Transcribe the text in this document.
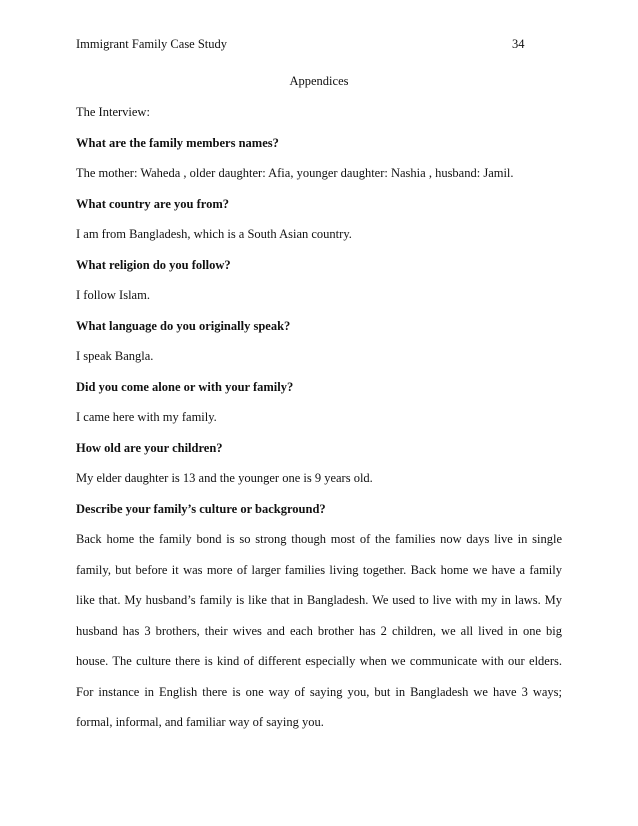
Immigrant Family Case Study	34
Appendices

The Interview:

What are the family members names?

The mother: Waheda , older daughter: Afia, younger daughter: Nashia , husband: Jamil.

What country are you from?

I am from Bangladesh, which is a South Asian country.

What religion do you follow?

I follow Islam.

What language do you originally speak?

I speak Bangla.

Did you come alone or with your family?

I came here with my family.

How old are your children?

My elder daughter is 13 and the younger one is 9 years old.

Describe your family’s culture or background?

Back home the family bond is so strong though most of the families now days live in single family, but before it was more of larger families living together. Back home we have a family like that. My husband’s family is like that in Bangladesh. We used to live with my in laws. My husband has 3 brothers, their wives and each brother has 2 children, we all lived in one big house. The culture there is kind of different especially when we communicate with our elders. For instance in English there is one way of saying you, but in Bangladesh we have 3 ways; formal, informal, and familiar way of saying you.
